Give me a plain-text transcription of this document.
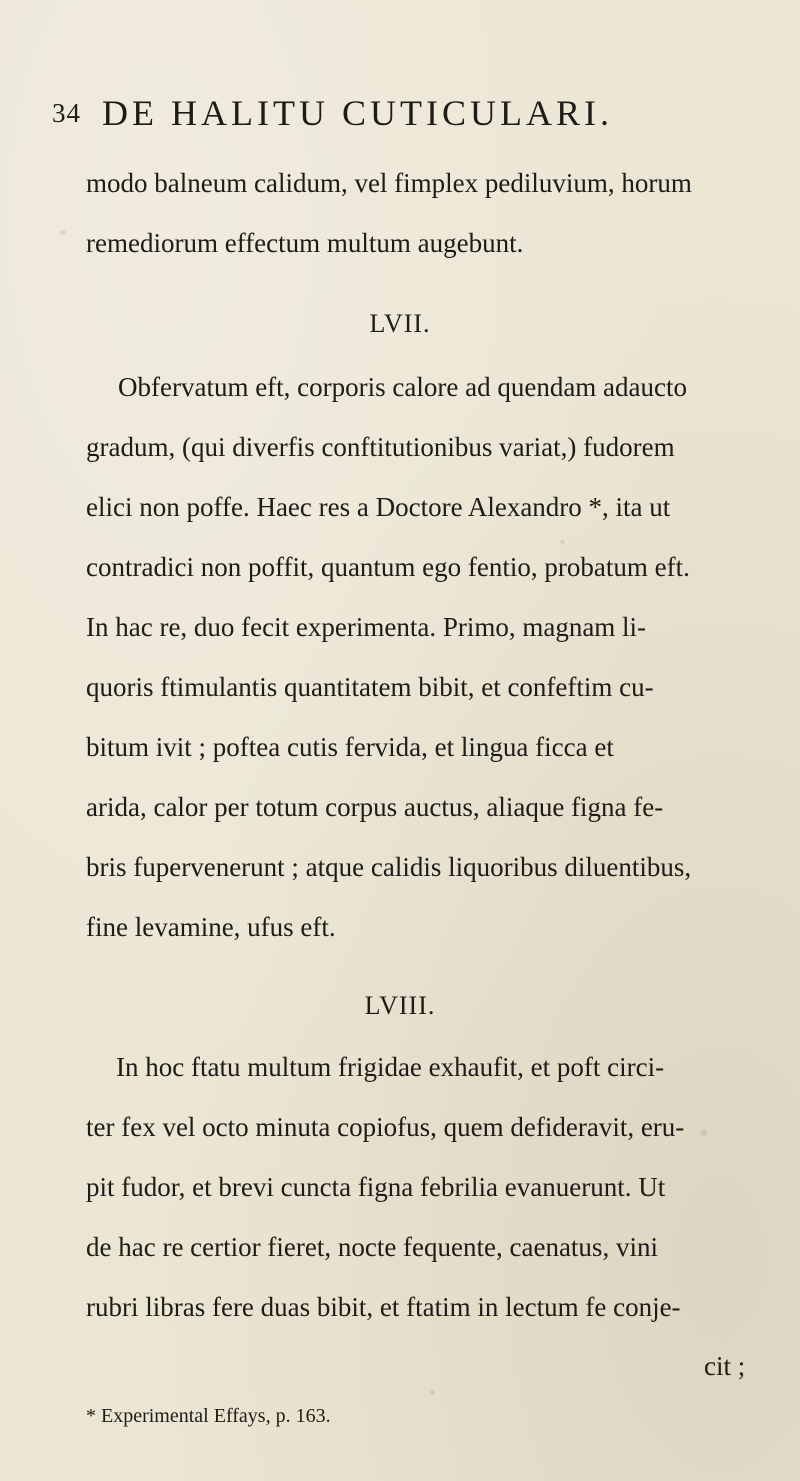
34 DE HALITU CUTICULARI.
modo balneum calidum, vel fimplex pediluvium, horum
remediorum effectum multum augebunt.
LVII.
Obfervatum eft, corporis calore ad quendam adaucto
gradum, (qui diverfis conftitutionibus variat,) fudorem
elici non poffe. Haec res a Doctore Alexandro *, ita ut
contradici non poffit, quantum ego fentio, probatum eft.
In hac re, duo fecit experimenta. Primo, magnam li-
quoris ftimulantis quantitatem bibit, et confeftim cu-
bitum ivit ; poftea cutis fervida, et lingua ficca et
arida, calor per totum corpus auctus, aliaque figna fe-
bris fupervenerunt ; atque calidis liquoribus diluentibus,
fine levamine, ufus eft.
LVIII.
In hoc ftatu multum frigidae exhaufit, et poft circi-
ter fex vel octo minuta copiofus, quem defideravit, eru-
pit fudor, et brevi cuncta figna febrilia evanuerunt. Ut
de hac re certior fieret, nocte fequente, caenatus, vini
rubri libras fere duas bibit, et ftatim in lectum fe conje-
cit ;
* Experimental Effays, p. 163.
